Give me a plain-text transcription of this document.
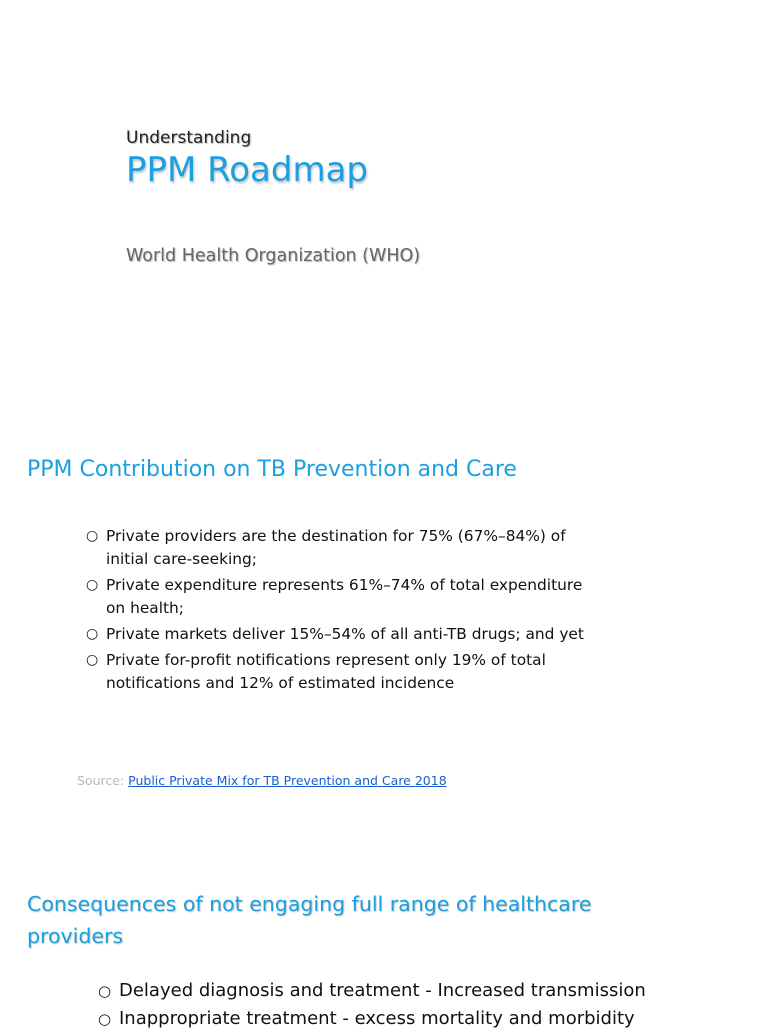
Understanding
PPM Roadmap
World Health Organization (WHO)
PPM Contribution on TB Prevention and Care
○ Private providers are the destination for 75% (67%–84%) of initial care-seeking;
○ Private expenditure represents 61%–74% of total expenditure on health;
○ Private markets deliver 15%–54% of all anti-TB drugs; and yet
○ Private for-profit notifications represent only 19% of total notifications and 12% of estimated incidence
Source: Public Private Mix for TB Prevention and Care 2018
Consequences of not engaging full range of healthcare providers
○ Delayed diagnosis and treatment - Increased transmission
○ Inappropriate treatment - excess mortality and morbidity
